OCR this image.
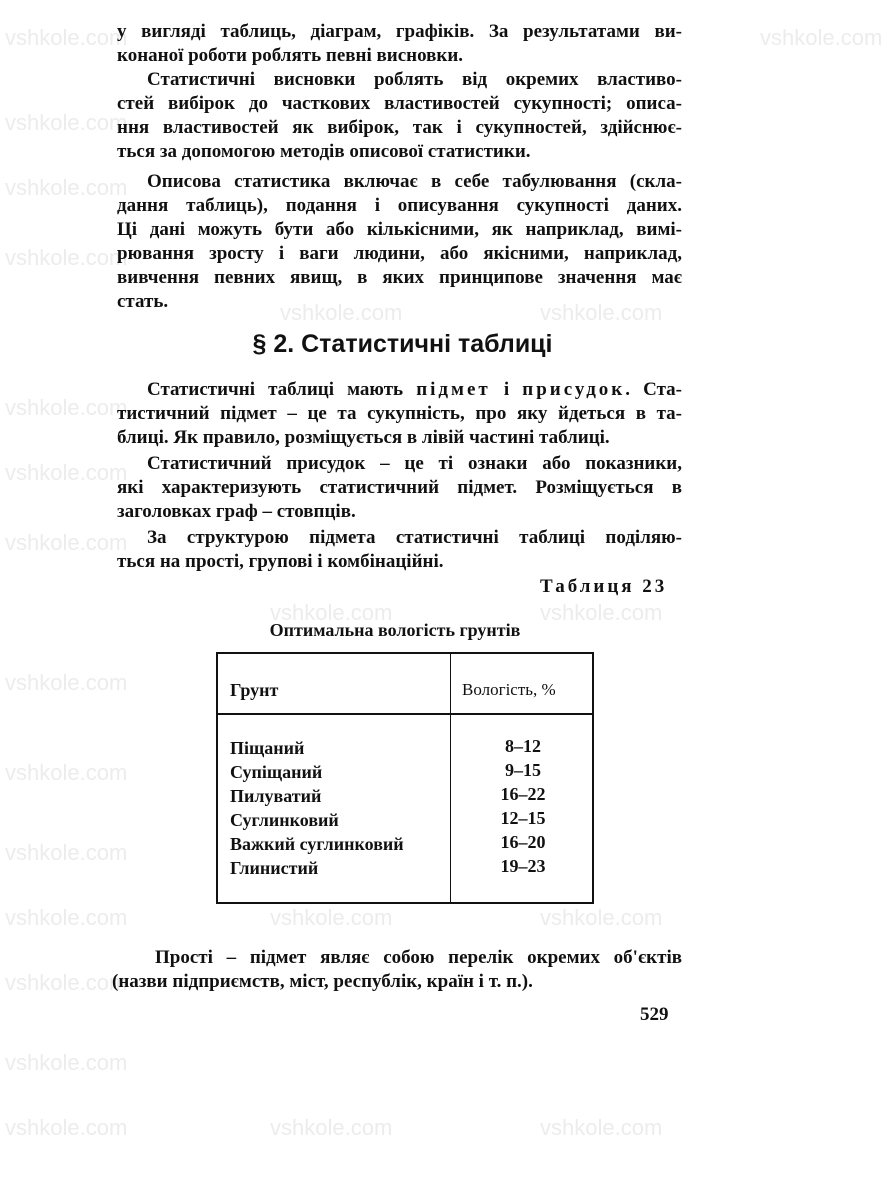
vshkole.com	vshkole.com
vshkole.com
vshkole.com
vshkole.com
vshkole.com	vshkole.com
vshkole.com
vshkole.com
vshkole.com
vshkole.com	vshkole.com
vshkole.com
vshkole.com
vshkole.com
vshkole.com	vshkole.com	vshkole.com
vshkole.com
vshkole.com
vshkole.com	vshkole.com	vshkole.com
у вигляді таблиць, діаграм, графіків. За результатами ви-
конаної роботи роблять певні висновки.
Статистичні висновки роблять від окремих властиво-
стей вибірок до часткових властивостей сукупності; описа-
ння властивостей як вибірок, так і сукупностей, здійснює-
ться за допомогою методів описової статистики.
Описова статистика включає в себе табулювання (скла-
дання таблиць), подання і описування сукупності даних.
Ці дані можуть бути або кількісними, як наприклад, вимі-
рювання зросту і ваги людини, або якісними, наприклад,
вивчення певних явищ, в яких принципове значення має
стать.
§ 2. Статистичні таблиці
Статистичні таблиці мають підмет і присудок. Ста-
тистичний підмет – це та сукупність, про яку йдеться в та-
блиці. Як правило, розміщується в лівій частині таблиці.
Статистичний присудок – це ті ознаки або показники,
які характеризують статистичний підмет. Розміщується в
заголовках граф – стовпців.
За структурою підмета статистичні таблиці поділяю-
ться на прості, групові і комбінаційні.
Таблиця 23
Оптимальна вологість грунтів
Грунт	Вологість, %
Піщаний	8–12
Супіщаний	9–15
Пилуватий	16–22
Суглинковий	12–15
Важкий суглинковий	16–20
Глинистий	19–23
Прості – підмет являє собою перелік окремих об'єктів
(назви підприємств, міст, республік, країн і т. п.).
529
